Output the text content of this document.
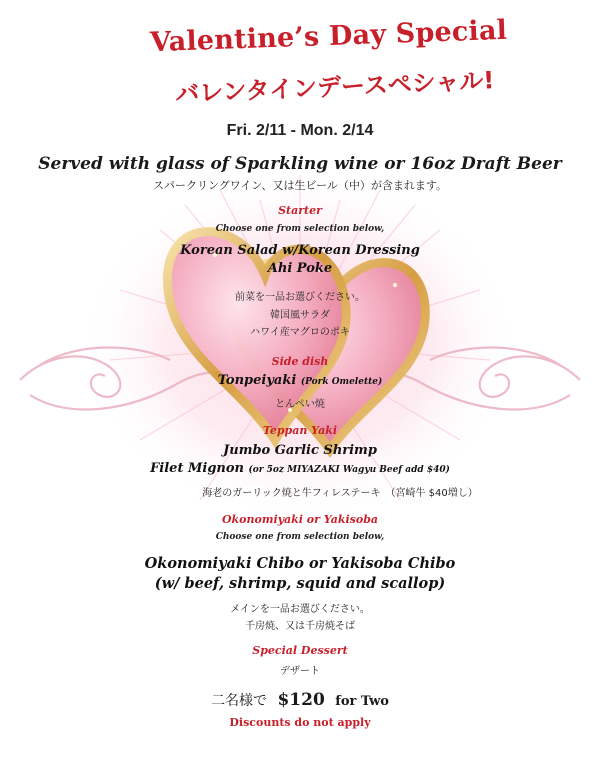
Valentine’s Day Special
バレンタインデースペシャル!
Fri. 2/11 - Mon. 2/14
Served with glass of Sparkling wine or 16oz Draft Beer
スパークリングワイン、又は生ビール（中）が含まれます。
Starter
Choose one from selection below,
Korean Salad w/Korean Dressing
Ahi Poke
前菜を一品お選びください。
韓国風サラダ
ハワイ産マグロのポキ
Side dish
Tonpeiyaki (Pork Omelette)
とんぺい焼
Teppan Yaki
Jumbo Garlic Shrimp
Filet Mignon (or 5oz MIYAZAKI Wagyu Beef add $40)
海老のガーリック焼と牛フィレステーキ　（宮崎牛 $40増し）
Okonomiyaki or Yakisoba
Choose one from selection below,
Okonomiyaki Chibo or Yakisoba Chibo
(w/ beef, shrimp, squid and scallop)
メインを一品お選びください。
千房焼、又は千房焼そば
Special Dessert
デザート
二名様で $120 for Two
Discounts do not apply
